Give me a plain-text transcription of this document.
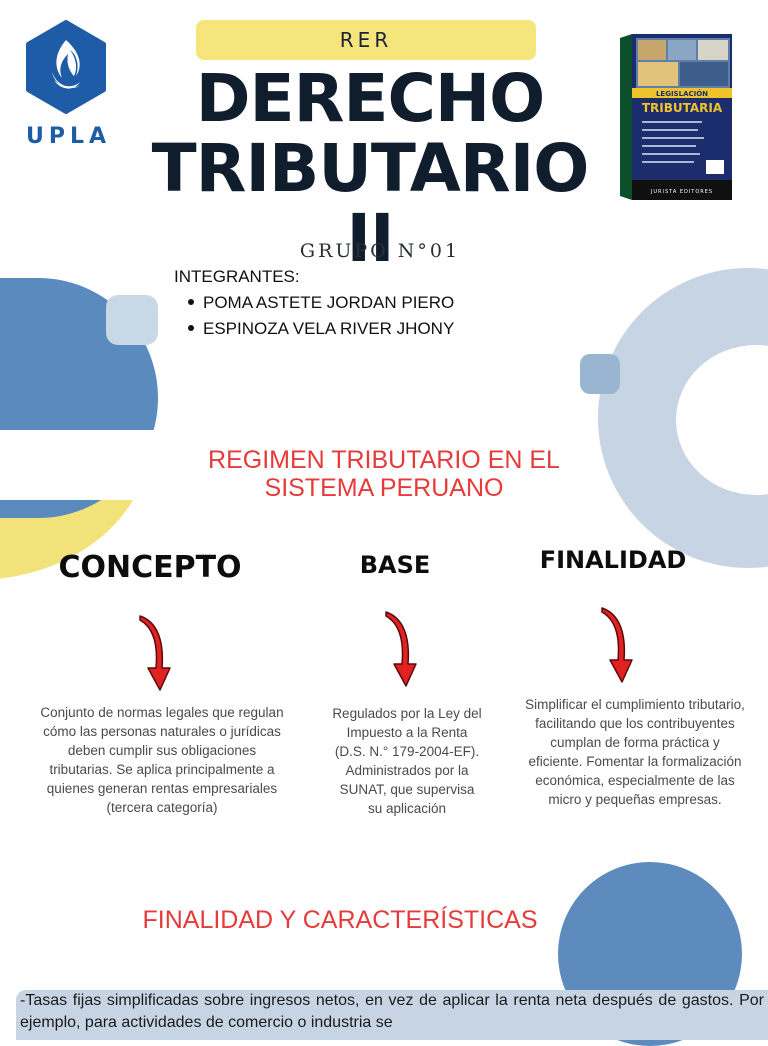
UPLA
RER
DERECHO
TRIBUTARIO II
LEGISLACIÓN
TRIBUTARIA
JURISTA EDITORES
GRUPO N°01
INTEGRANTES:
POMA ASTETE JORDAN PIERO
ESPINOZA VELA RIVER JHONY
REGIMEN TRIBUTARIO EN EL
SISTEMA PERUANO
CONCEPTO	BASE	FINALIDAD
Conjunto de normas legales que regulan cómo las personas naturales o jurídicas deben cumplir sus obligaciones tributarias. Se aplica principalmente a quienes generan rentas empresariales (tercera categoría)
Regulados por la Ley del Impuesto a la Renta (D.S. N.° 179-2004-EF). Administrados por la SUNAT, que supervisa su aplicación
Simplificar el cumplimiento tributario, facilitando que los contribuyentes cumplan de forma práctica y eficiente. Fomentar la formalización económica, especialmente de las micro y pequeñas empresas.
FINALIDAD Y CARACTERÍSTICAS
-Tasas fijas simplificadas sobre ingresos netos, en vez de aplicar la renta neta después de gastos. Por ejemplo, para actividades de comercio o industria se
